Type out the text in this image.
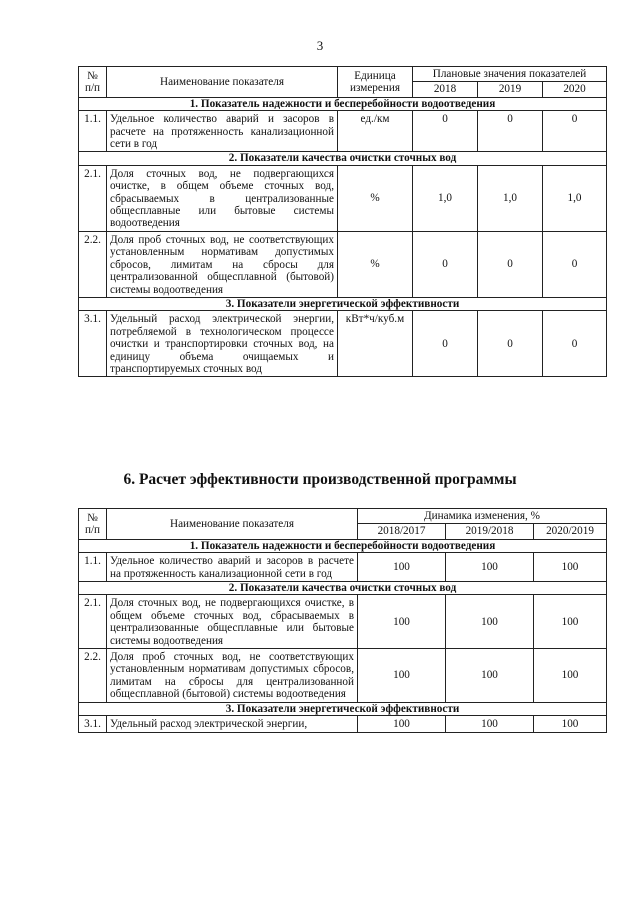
3
№ п/п	Наименование показателя	Единица измерения	Плановые значения показателей		
			2018	2019	2020
1. Показатель надежности и бесперебойности водоотведения					
1.1.	Удельное количество аварий и засоров в расчете на протяженность канализационной сети в год	ед./км	0	0	0
2. Показатели качества очистки сточных вод					
2.1.	Доля сточных вод, не подвергающихся очистке, в общем объеме сточных вод, сбрасываемых в централизованные общесплавные или бытовые системы водоотведения	%	1,0	1,0	1,0
2.2.	Доля проб сточных вод, не соответствующих установленным нормативам допустимых сбросов, лимитам на сбросы для централизованной общесплавной (бытовой) системы водоотведения	%	0	0	0
3. Показатели энергетической эффективности					
3.1.	Удельный расход электрической энергии, потребляемой в технологическом процессе очистки и транспортировки сточных вод, на единицу объема очищаемых и транспортируемых сточных вод	кВт*ч/куб.м	0	0	0
6. Расчет эффективности производственной программы
№ п/п	Наименование показателя	Динамика изменения, %		
		2018/2017	2019/2018	2020/2019
1. Показатель надежности и бесперебойности водоотведения				
1.1.	Удельное количество аварий и засоров в расчете на протяженность канализационной сети в год	100	100	100
2. Показатели качества очистки сточных вод				
2.1.	Доля сточных вод, не подвергающихся очистке, в общем объеме сточных вод, сбрасываемых в централизованные общесплавные или бытовые системы водоотведения	100	100	100
2.2.	Доля проб сточных вод, не соответствующих установленным нормативам допустимых сбросов, лимитам на сбросы для централизованной общесплавной (бытовой) системы водоотведения	100	100	100
3. Показатели энергетической эффективности				
3.1.	Удельный расход электрической энергии,	100	100	100
